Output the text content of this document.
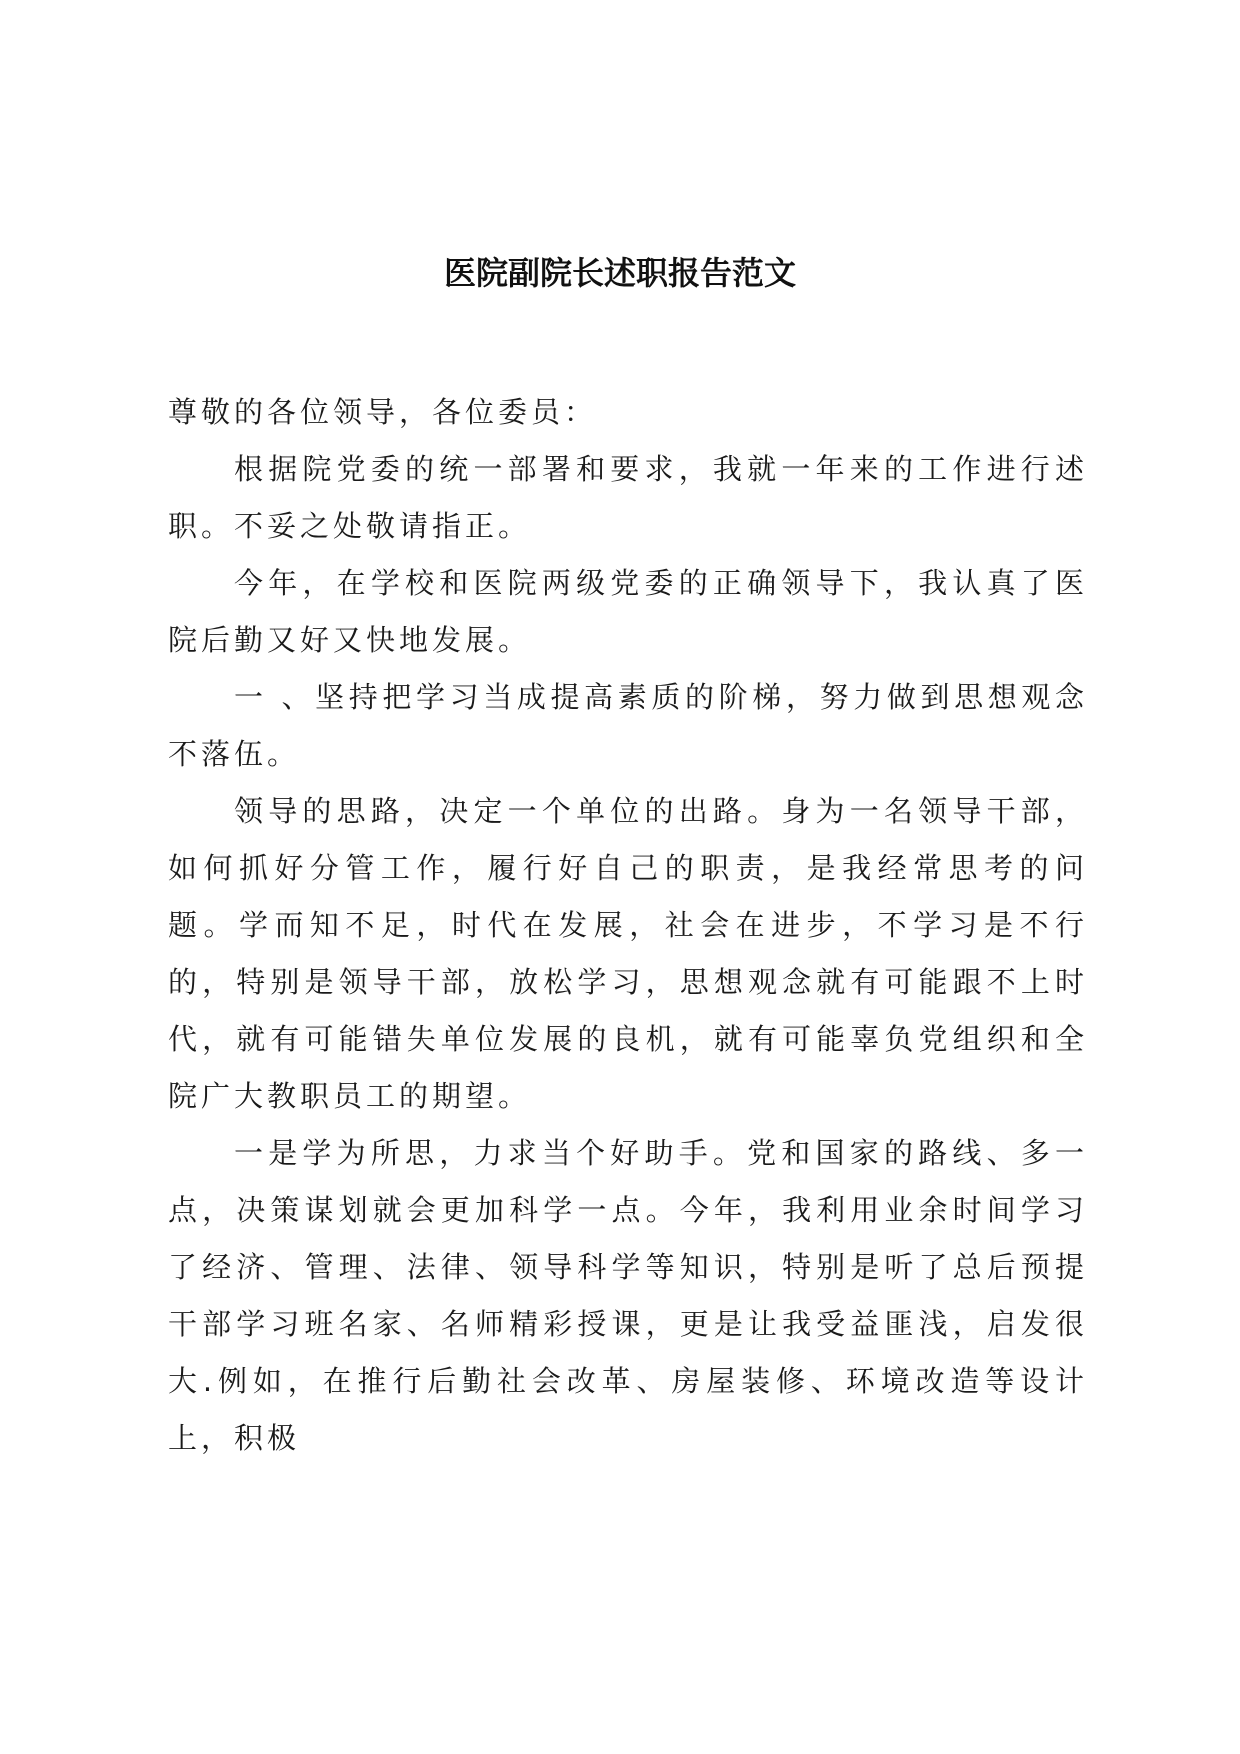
医院副院长述职报告范文

尊敬的各位领导，各位委员：

根据院党委的统一部署和要求，我就一年来的工作进行述职。不妥之处敬请指正。

今年，在学校和医院两级党委的正确领导下，我认真了医院后勤又好又快地发展。

一 、坚持把学习当成提高素质的阶梯，努力做到思想观念不落伍。

领导的思路，决定一个单位的出路。身为一名领导干部，如何抓好分管工作，履行好自己的职责，是我经常思考的问题。学而知不足，时代在发展，社会在进步，不学习是不行的，特别是领导干部，放松学习，思想观念就有可能跟不上时代，就有可能错失单位发展的良机，就有可能辜负党组织和全院广大教职员工的期望。

一是学为所思，力求当个好助手。党和国家的路线、多一点，决策谋划就会更加科学一点。今年，我利用业余时间学习了经济、管理、法律、领导科学等知识，特别是听了总后预提干部学习班名家、名师精彩授课，更是让我受益匪浅，启发很大.例如，在推行后勤社会改革、房屋装修、环境改造等设计上，积极
